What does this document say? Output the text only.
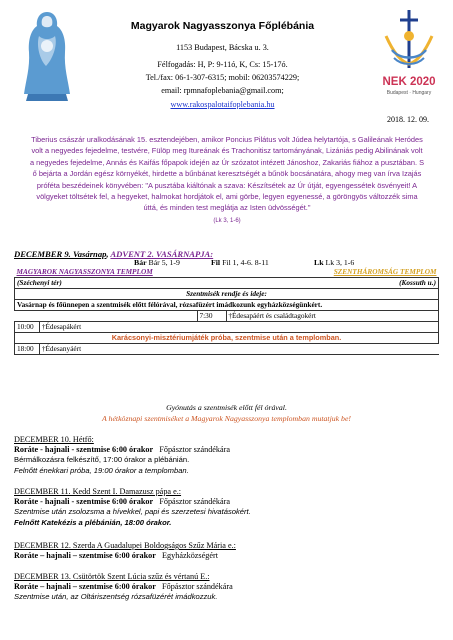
Magyarok Nagyasszonya Főplébánia
1153 Budapest, Bácska u. 3.
Félfogadás: H, P: 9-11ó, K, Cs: 15-17ó.
Tel./fax: 06-1-307-6315; mobil: 06203574229;
email: rpmnafoplebania@gmail.com;
www.rakospalotaifoplebania.hu
NEK 2020
Budapest · Hungary
2018. 12. 09.
Tiberius császár uralkodásának 15. esztendejében, amikor Poncius Pilátus volt Júdea helytartója, s Galileának Heródes volt a negyedes fejedelme, testvére, Fülöp meg Itureának és Trachonitisz tartományának, Lizániás pedig Abilinának volt a negyedes fejedelme, Annás és Kaifás főpapok idején az Úr szózatot intézett Jánoshoz, Zakariás fiához a pusztában. S ő bejárta a Jordán egész környékét, hirdette a bűnbánat keresztségét a bűnök bocsánatára, ahogy meg van írva Izajás próféta beszédeinek könyvében: "A pusztába kiáltónak a szava: Készítsétek az Úr útját, egyengessétek ösvényeit! A völgyeket töltsétek fel, a hegyeket, halmokat hordjátok el, ami görbe, legyen egyenessé, a göröngyös változzék sima úttá, és minden test meglátja az Isten üdvösségét."
(Lk 3, 1-6)
DECEMBER 9. Vasárnap, ADVENT 2. VASÁRNAPJA:
Bár Bár 5, 1-9	Fil Fil 1, 4-6. 8-11	Lk Lk 3, 1-6
MAGYAROK NAGYASSZONYA TEMPLOM	SZENTHÁROMSÁG TEMPLOM

(Széchenyi tér)	(Kossuth u.)

Szentmisék rendje és ideje:
Vasárnap és főünnepen a szentmisék előtt félórával, rózsafüzért imádkozunk egyházközségünkért.
	7:30 †Édesapáért és családtagokért
10:00 †Édesapákért
Karácsonyi-misztériumjáték próba, szentmise után a templomban.
18:00 †Édesanyáért
Gyónutás a szentmisék előtt fél órával.
A hétköznapi szentmiséket a Magyarok Nagyasszonya templomban mutatjuk be!
DECEMBER 10. Hétfő:
Roráte - hajnali - szentmise 6:00 órakor Főpásztor szándékára
Bérmálkozásra felkészítő, 17:00 órakor a plébánián.
Felnőtt énekkari próba, 19:00 órakor a templomban.
DECEMBER 11. Kedd Szent I. Damazusz pápa e.:
Roráte - hajnali - szentmise 6:00 órakor Főpásztor szándékára
Szentmise után zsolozsma a hívekkel, papi és szerzetesi hivatásokért.
Felnőtt Katekézis a plébánián, 18:00 órakor.
DECEMBER 12. Szerda A Guadalupei Boldogságos Szűz Mária e.:
Roráte – hajnali – szentmise 6:00 órakor Egyházközségért
DECEMBER 13. Csütörtök Szent Lúcia szűz és vértanú E.:
Roráte – hajnali – szentmise 6:00 órakor Főpásztor szándékára
Szentmise után, az Oltáriszentség rózsafüzérét imádkozzuk.
